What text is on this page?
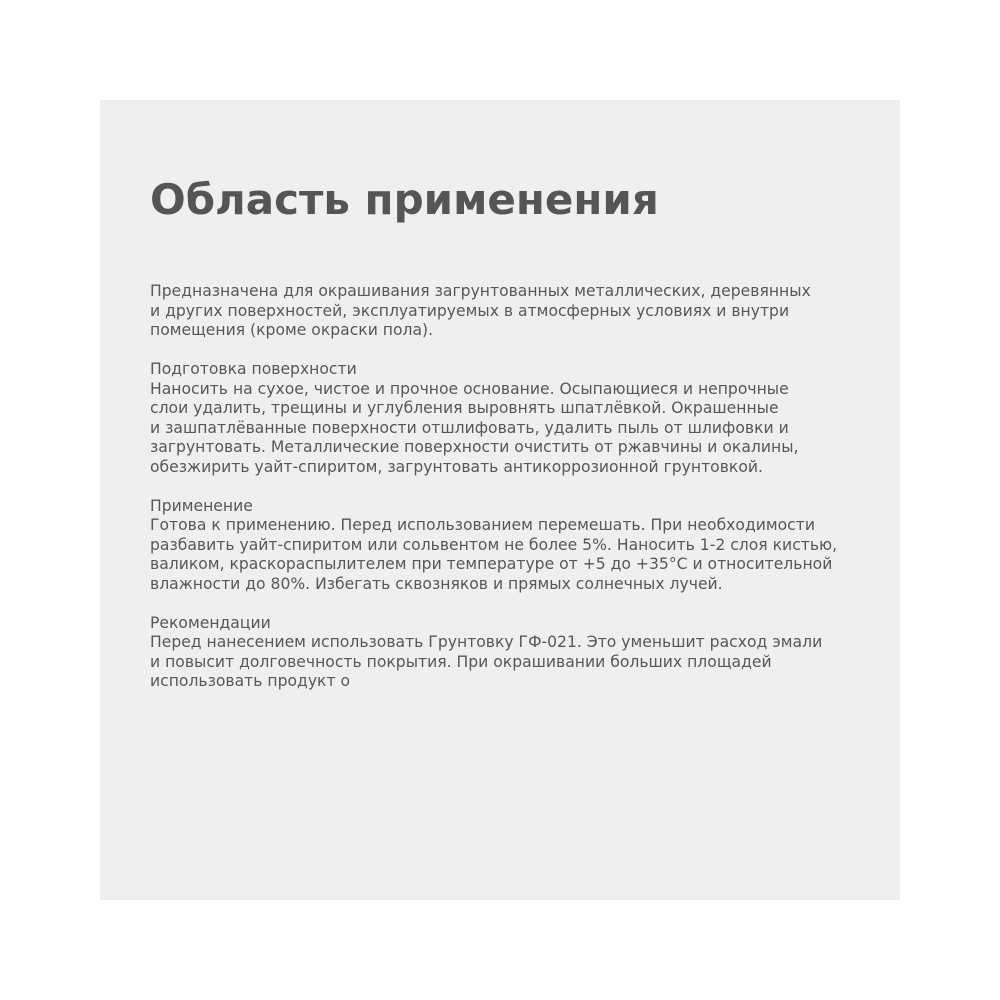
Область применения

Предназначена для окрашивания загрунтованных металлических, деревянных
и других поверхностей, эксплуатируемых в атмосферных условиях и внутри
помещения (кроме окраски пола).

Подготовка поверхности
Наносить на сухое, чистое и прочное основание. Осыпающиеся и непрочные
слои удалить, трещины и углубления выровнять шпатлёвкой. Окрашенные
и зашпатлёванные поверхности отшлифовать, удалить пыль от шлифовки и
загрунтовать. Металлические поверхности очистить от ржавчины и окалины,
обезжирить уайт-спиритом, загрунтовать антикоррозионной грунтовкой.

Применение
Готова к применению. Перед использованием перемешать. При необходимости
разбавить уайт-спиритом или сольвентом не более 5%. Наносить 1-2 слоя кистью,
валиком, краскораспылителем при температуре от +5 до +35°С и относительной
влажности до 80%. Избегать сквозняков и прямых солнечных лучей.

Рекомендации
Перед нанесением использовать Грунтовку ГФ-021. Это уменьшит расход эмали
и повысит долговечность покрытия. При окрашивании больших площадей
использовать продукт о
